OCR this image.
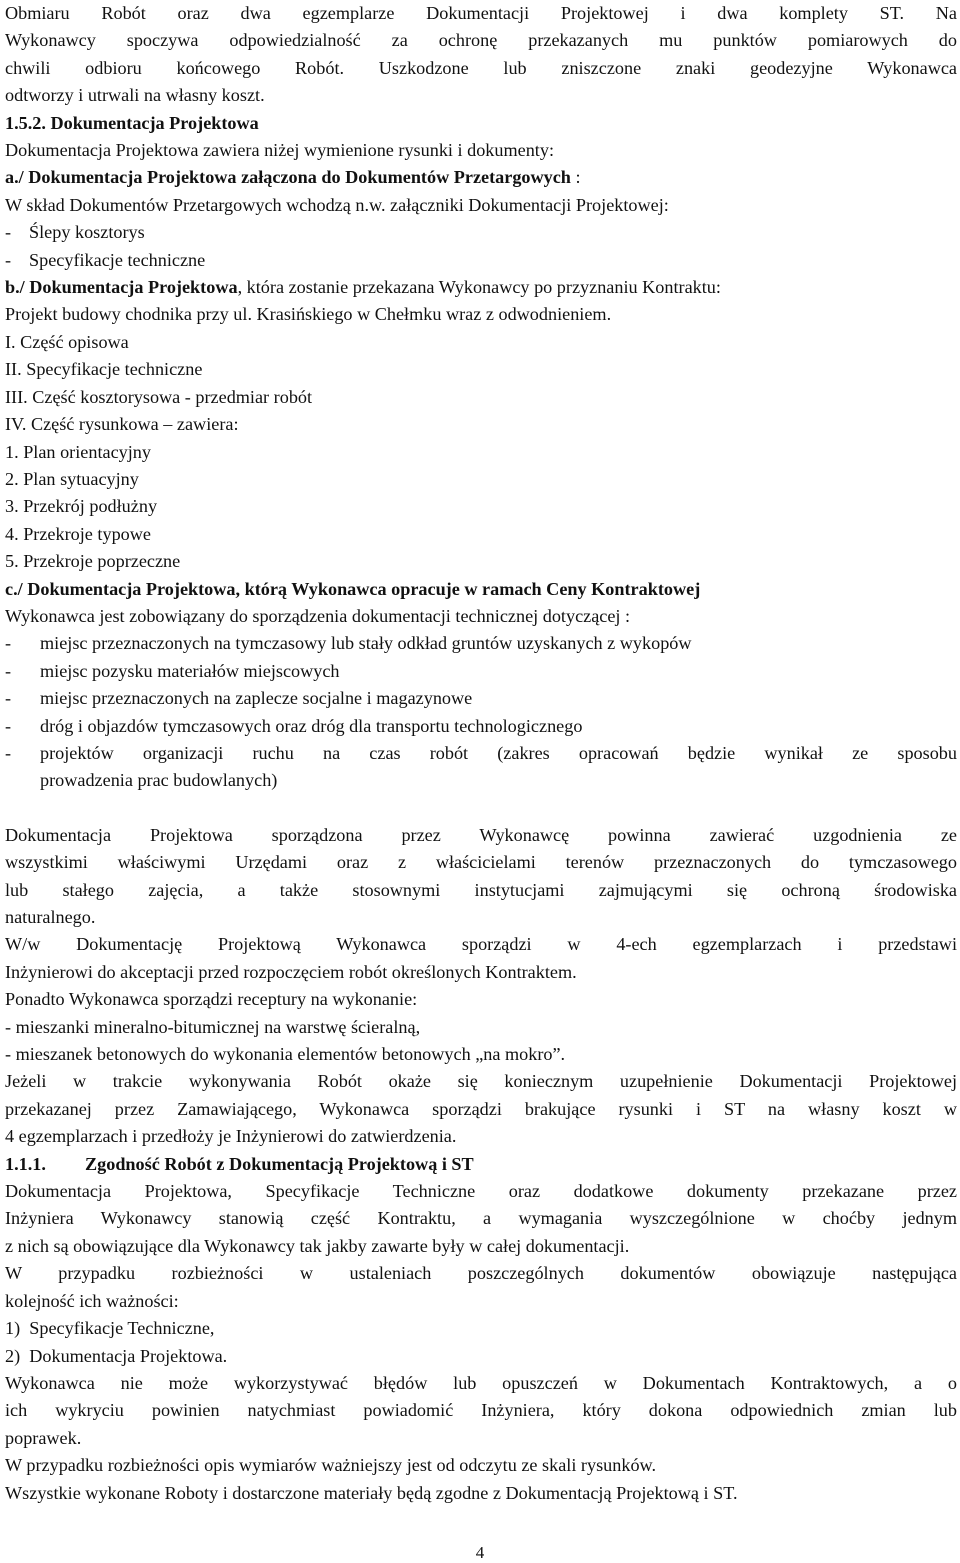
Obmiaru Robót oraz dwa egzemplarze Dokumentacji Projektowej i dwa komplety ST. Na

Wykonawcy spoczywa odpowiedzialność za ochronę przekazanych mu punktów pomiarowych do

chwili odbioru końcowego Robót. Uszkodzone lub zniszczone znaki geodezyjne Wykonawca

odtworzy i utrwali na własny koszt.

1.5.2. Dokumentacja Projektowa

Dokumentacja Projektowa zawiera niżej wymienione rysunki i dokumenty:

a./ Dokumentacja Projektowa załączona do Dokumentów Przetargowych :

W skład Dokumentów Przetargowych wchodzą n.w. załączniki Dokumentacji Projektowej:

- Ślepy kosztorys
- Specyfikacje techniczne

b./ Dokumentacja Projektowa, która zostanie przekazana Wykonawcy po przyznaniu Kontraktu:

Projekt budowy chodnika przy ul. Krasińskiego w Chełmku wraz z odwodnieniem.

I. Część opisowa

II. Specyfikacje techniczne

III. Część kosztorysowa - przedmiar robót

IV. Część rysunkowa – zawiera:

1. Plan orientacyjny

2. Plan sytuacyjny

3. Przekrój podłużny

4. Przekroje typowe

5. Przekroje poprzeczne

c./ Dokumentacja Projektowa, którą Wykonawca opracuje w ramach Ceny Kontraktowej

Wykonawca jest zobowiązany do sporządzenia dokumentacji technicznej dotyczącej :

-	miejsc przeznaczonych na tymczasowy lub stały odkład gruntów uzyskanych z wykopów
-	miejsc pozysku materiałów miejscowych
-	miejsc przeznaczonych na zaplecze socjalne i magazynowe
-	dróg i objazdów tymczasowych oraz dróg dla transportu technologicznego
-	projektów organizacji ruchu na czas robót (zakres opracowań będzie wynikał ze sposobu
prowadzenia prac budowlanych)

Dokumentacja Projektowa sporządzona przez Wykonawcę powinna zawierać uzgodnienia ze

wszystkimi właściwymi Urzędami oraz z właścicielami terenów przeznaczonych do tymczasowego

lub stałego zajęcia, a także stosownymi instytucjami zajmującymi się ochroną środowiska

naturalnego.

W/w Dokumentację Projektową Wykonawca sporządzi w 4-ech egzemplarzach i przedstawi

Inżynierowi do akceptacji przed rozpoczęciem robót określonych Kontraktem.

Ponadto Wykonawca sporządzi receptury na wykonanie:

- mieszanki mineralno-bitumicznej na warstwę ścieralną,

- mieszanek betonowych do wykonania elementów betonowych „na mokro”.

Jeżeli w trakcie wykonywania Robót okaże się koniecznym uzupełnienie Dokumentacji Projektowej

przekazanej przez Zamawiającego, Wykonawca sporządzi brakujące rysunki i ST na własny koszt w

4 egzemplarzach i przedłoży je Inżynierowi do zatwierdzenia.

1.1.1. Zgodność Robót z Dokumentacją Projektową i ST

Dokumentacja Projektowa, Specyfikacje Techniczne oraz dodatkowe dokumenty przekazane przez

Inżyniera Wykonawcy stanowią część Kontraktu, a wymagania wyszczególnione w choćby jednym

z nich są obowiązujące dla Wykonawcy tak jakby zawarte były w całej dokumentacji.

W przypadku rozbieżności w ustaleniach poszczególnych dokumentów obowiązuje następująca

kolejność ich ważności:

1)  Specyfikacje Techniczne,

2)  Dokumentacja Projektowa.

Wykonawca nie może wykorzystywać błędów lub opuszczeń w Dokumentach Kontraktowych, a o

ich wykryciu powinien natychmiast powiadomić Inżyniera, który dokona odpowiednich zmian lub

poprawek.

W przypadku rozbieżności opis wymiarów ważniejszy jest od odczytu ze skali rysunków.

Wszystkie wykonane Roboty i dostarczone materiały będą zgodne z Dokumentacją Projektową i ST.

4
